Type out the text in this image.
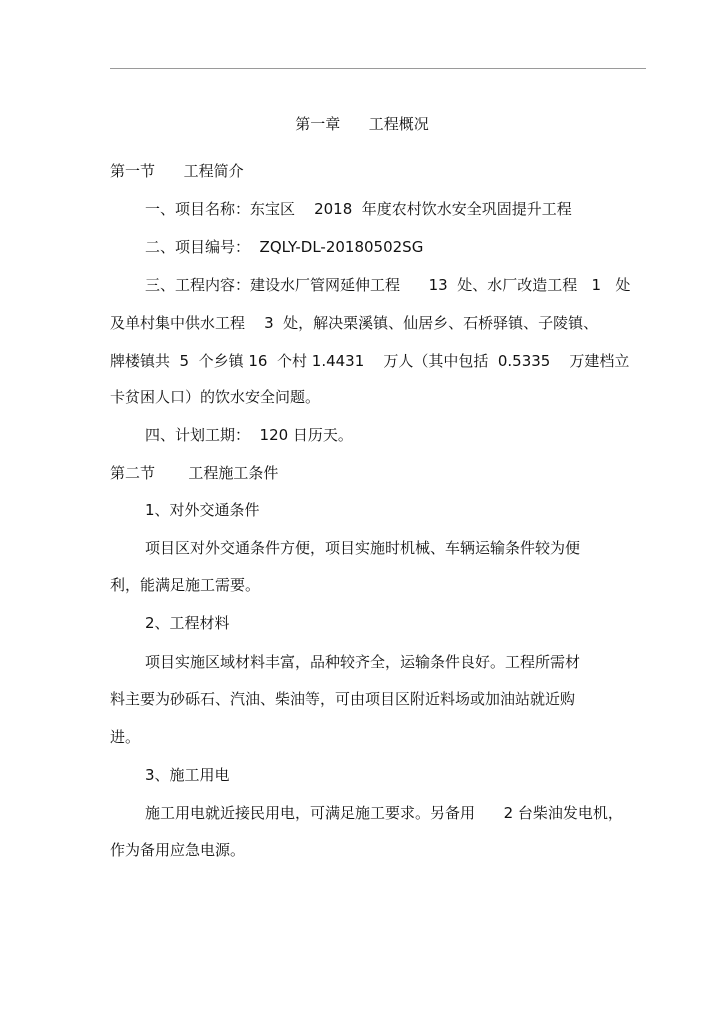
第一章      工程概况
第一节      工程简介
一、项目名称：东宝区    2018  年度农村饮水安全巩固提升工程
二、项目编号：  ZQLY-DL-20180502SG
三、工程内容：建设水厂管网延伸工程      13  处、水厂改造工程   1   处
及单村集中供水工程    3  处，解决栗溪镇、仙居乡、石桥驿镇、子陵镇、
牌楼镇共  5  个乡镇 16  个村 1.4431    万人（其中包括  0.5335    万建档立
卡贫困人口）的饮水安全问题。
四、计划工期：  120 日历天。
第二节       工程施工条件
1、对外交通条件
项目区对外交通条件方便，项目实施时机械、车辆运输条件较为便
利，能满足施工需要。
2、工程材料
项目实施区域材料丰富，品种较齐全，运输条件良好。工程所需材
料主要为砂砾石、汽油、柴油等，可由项目区附近料场或加油站就近购
进。
3、施工用电
施工用电就近接民用电，可满足施工要求。另备用      2 台柴油发电机，
作为备用应急电源。
